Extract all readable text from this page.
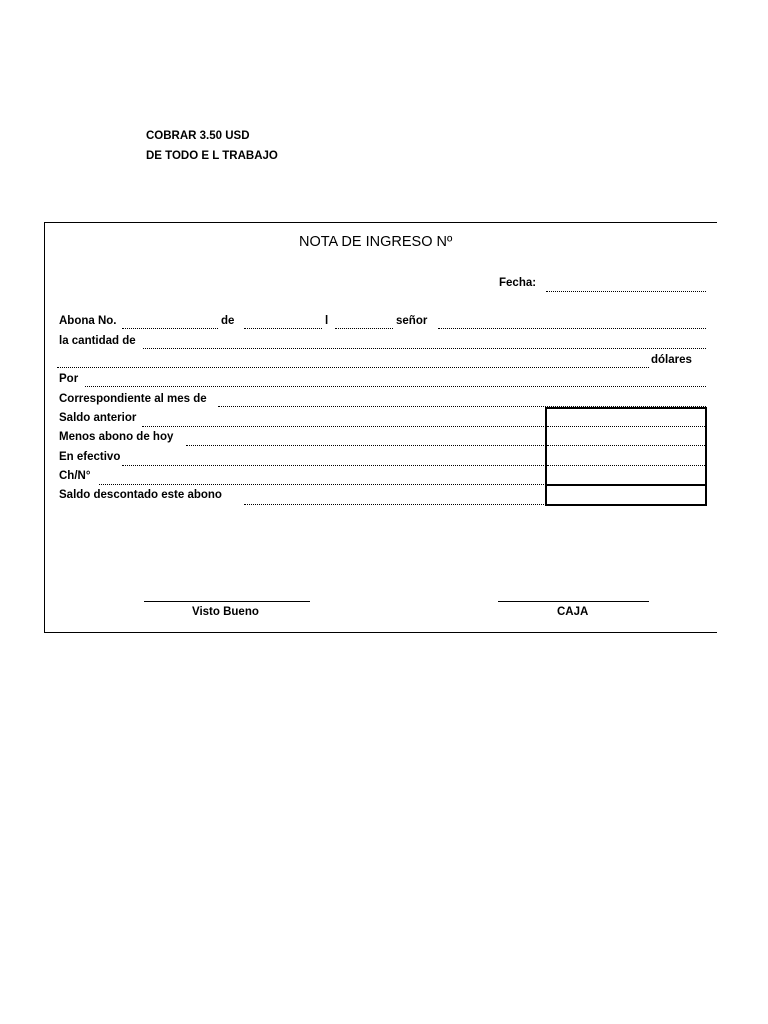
COBRAR 3.50 USD
DE TODO E L TRABAJO
NOTA DE INGRESO Nº
Fecha:
Abona No.	de	l	señor
la cantidad de
dólares
Por
Correspondiente al mes de
Saldo anterior
Menos abono de hoy
En efectivo
Ch/N°
Saldo descontado este abono
Visto Bueno	CAJA
